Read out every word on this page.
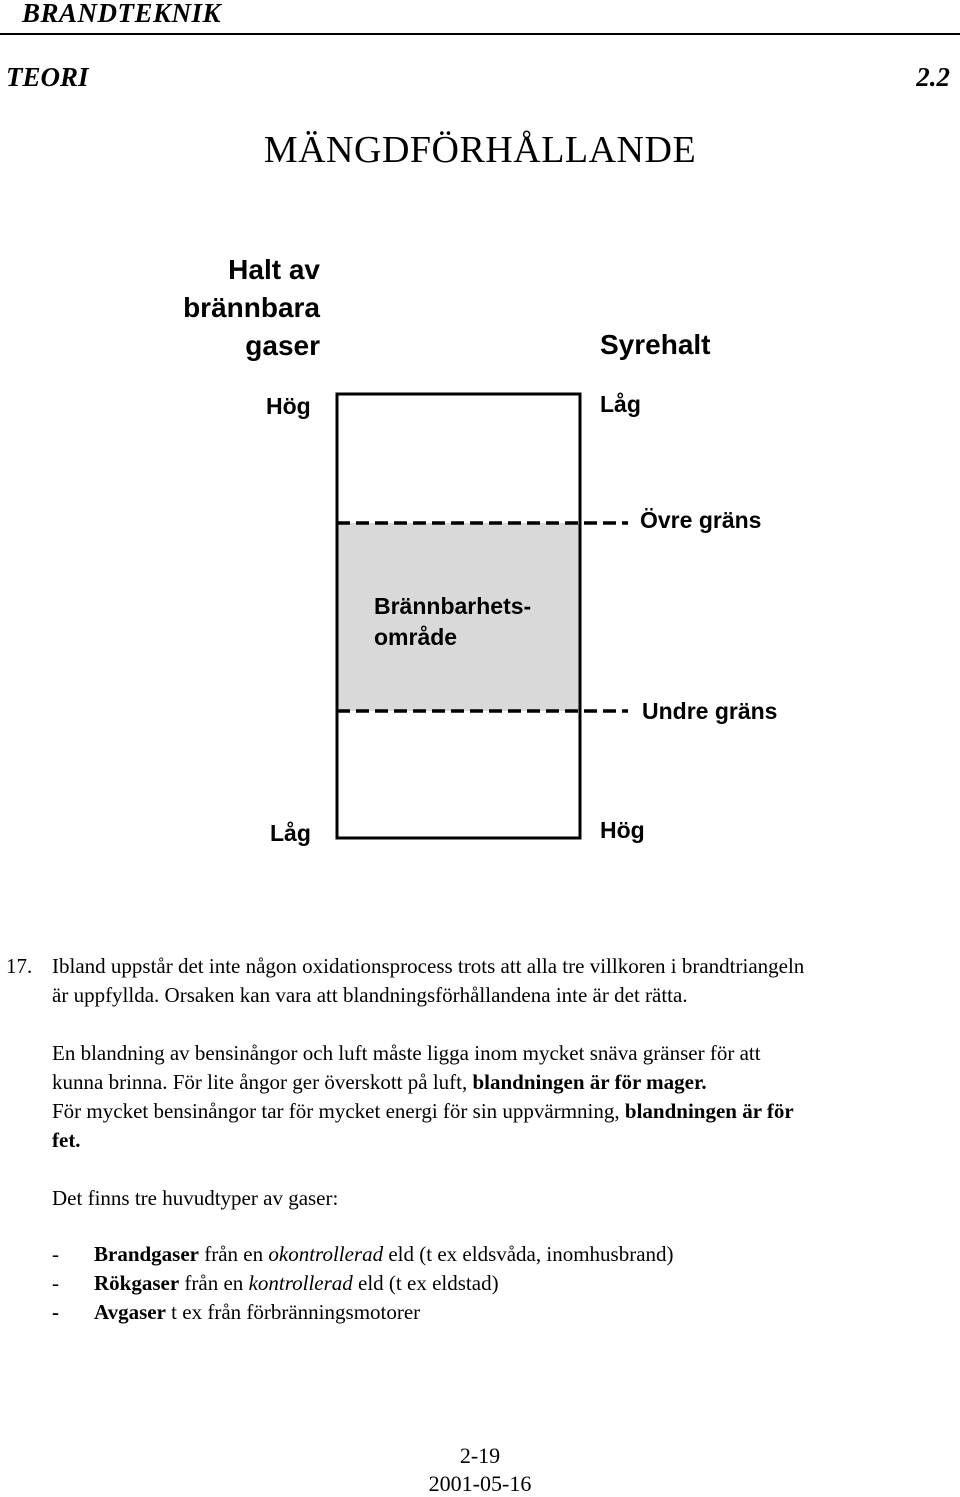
BRANDTEKNIK
TEORI	2.2
MÄNGDFÖRHÅLLANDE
Halt av
brännbara
gaser	Syrehalt
Hög	Låg
Övre gräns
Undre gräns
Brännbarhets-
område
Låg	Hög
17. Ibland uppstår det inte någon oxidationsprocess trots att alla tre villkoren i brandtriangeln
är uppfyllda. Orsaken kan vara att blandningsförhållandena inte är det rätta.
En blandning av bensinångor och luft måste ligga inom mycket snäva gränser för att
kunna brinna. För lite ångor ger överskott på luft, blandningen är för mager.
För mycket bensinångor tar för mycket energi för sin uppvärmning, blandningen är för
fet.
Det finns tre huvudtyper av gaser:
- Brandgaser från en okontrollerad eld (t ex eldsvåda, inomhusbrand)
- Rökgaser från en kontrollerad eld (t ex eldstad)
- Avgaser t ex från förbränningsmotorer
2-19
2001-05-16
